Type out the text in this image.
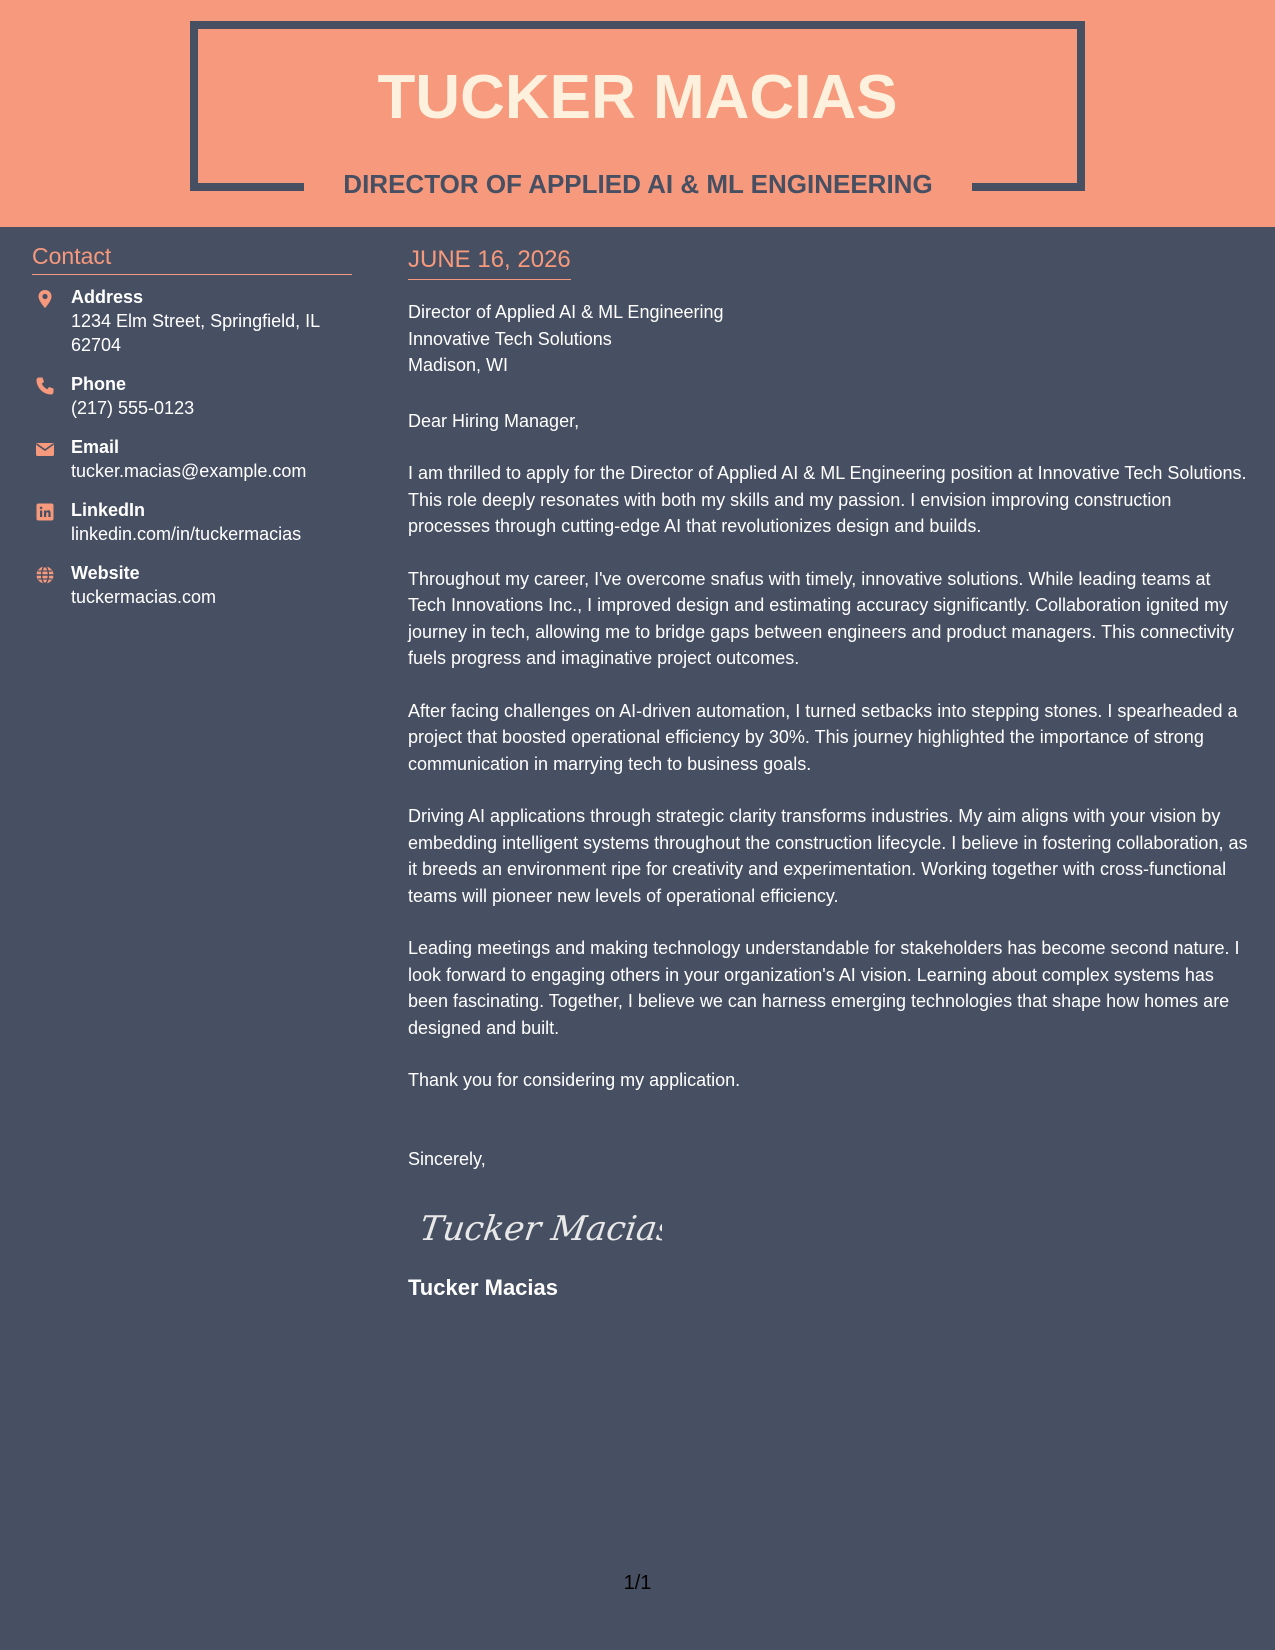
TUCKER MACIAS
DIRECTOR OF APPLIED AI & ML ENGINEERING
Contact
Address
1234 Elm Street, Springfield, IL 62704
Phone
(217) 555-0123
Email
tucker.macias@example.com
LinkedIn
linkedin.com/in/tuckermacias
Website
tuckermacias.com
JUNE 16, 2026
Director of Applied AI & ML Engineering
Innovative Tech Solutions
Madison, WI
Dear Hiring Manager,
I am thrilled to apply for the Director of Applied AI & ML Engineering position at Innovative Tech Solutions. This role deeply resonates with both my skills and my passion. I envision improving construction processes through cutting-edge AI that revolutionizes design and builds.
Throughout my career, I've overcome snafus with timely, innovative solutions. While leading teams at Tech Innovations Inc., I improved design and estimating accuracy significantly. Collaboration ignited my journey in tech, allowing me to bridge gaps between engineers and product managers. This connectivity fuels progress and imaginative project outcomes.
After facing challenges on AI-driven automation, I turned setbacks into stepping stones. I spearheaded a project that boosted operational efficiency by 30%. This journey highlighted the importance of strong communication in marrying tech to business goals.
Driving AI applications through strategic clarity transforms industries. My aim aligns with your vision by embedding intelligent systems throughout the construction lifecycle. I believe in fostering collaboration, as it breeds an environment ripe for creativity and experimentation. Working together with cross-functional teams will pioneer new levels of operational efficiency.
Leading meetings and making technology understandable for stakeholders has become second nature. I look forward to engaging others in your organization's AI vision. Learning about complex systems has been fascinating. Together, I believe we can harness emerging technologies that shape how homes are designed and built.
Thank you for considering my application.
Sincerely,
Tucker Macias
Tucker Macias
1/1
